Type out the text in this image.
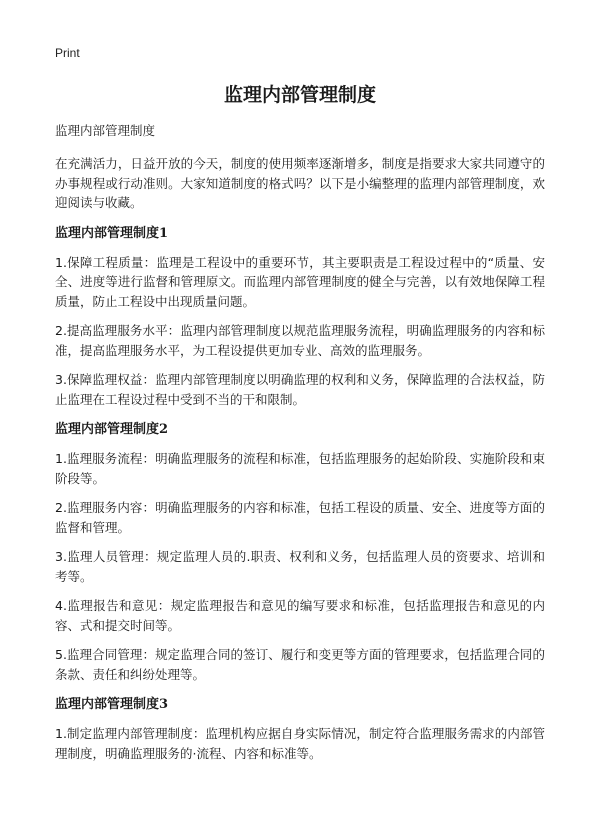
Print
监理内部管理制度
监理内部管理制度
在充满活力，日益开放的今天，制度的使用频率逐渐增多，制度是指要求大家共同遵守的办事规程或行动准则。大家知道制度的格式吗？以下是小编整理的监理内部管理制度，欢迎阅读与收藏。
监理内部管理制度1
1.保障工程质量：监理是工程设中的重要环节，其主要职责是工程设过程中的“质量、安全、进度等进行监督和管理原文。而监理内部管理制度的健全与完善，以有效地保障工程质量，防止工程设中出现质量问题。
2.提高监理服务水平：监理内部管理制度以规范监理服务流程，明确监理服务的内容和标准，提高监理服务水平，为工程设提供更加专业、高效的监理服务。
3.保障监理权益：监理内部管理制度以明确监理的权利和义务，保障监理的合法权益，防止监理在工程设过程中受到不当的干和限制。
监理内部管理制度2
1.监理服务流程：明确监理服务的流程和标准，包括监理服务的起始阶段、实施阶段和束阶段等。
2.监理服务内容：明确监理服务的内容和标准，包括工程设的质量、安全、进度等方面的监督和管理。
3.监理人员管理：规定监理人员的.职责、权利和义务，包括监理人员的资要求、培训和考等。
4.监理报告和意见：规定监理报告和意见的编写要求和标准，包括监理报告和意见的内容、式和提交时间等。
5.监理合同管理：规定监理合同的签订、履行和变更等方面的管理要求，包括监理合同的条款、责任和纠纷处理等。
监理内部管理制度3
1.制定监理内部管理制度：监理机构应据自身实际情况，制定符合监理服务需求的内部管理制度，明确监理服务的·流程、内容和标准等。
